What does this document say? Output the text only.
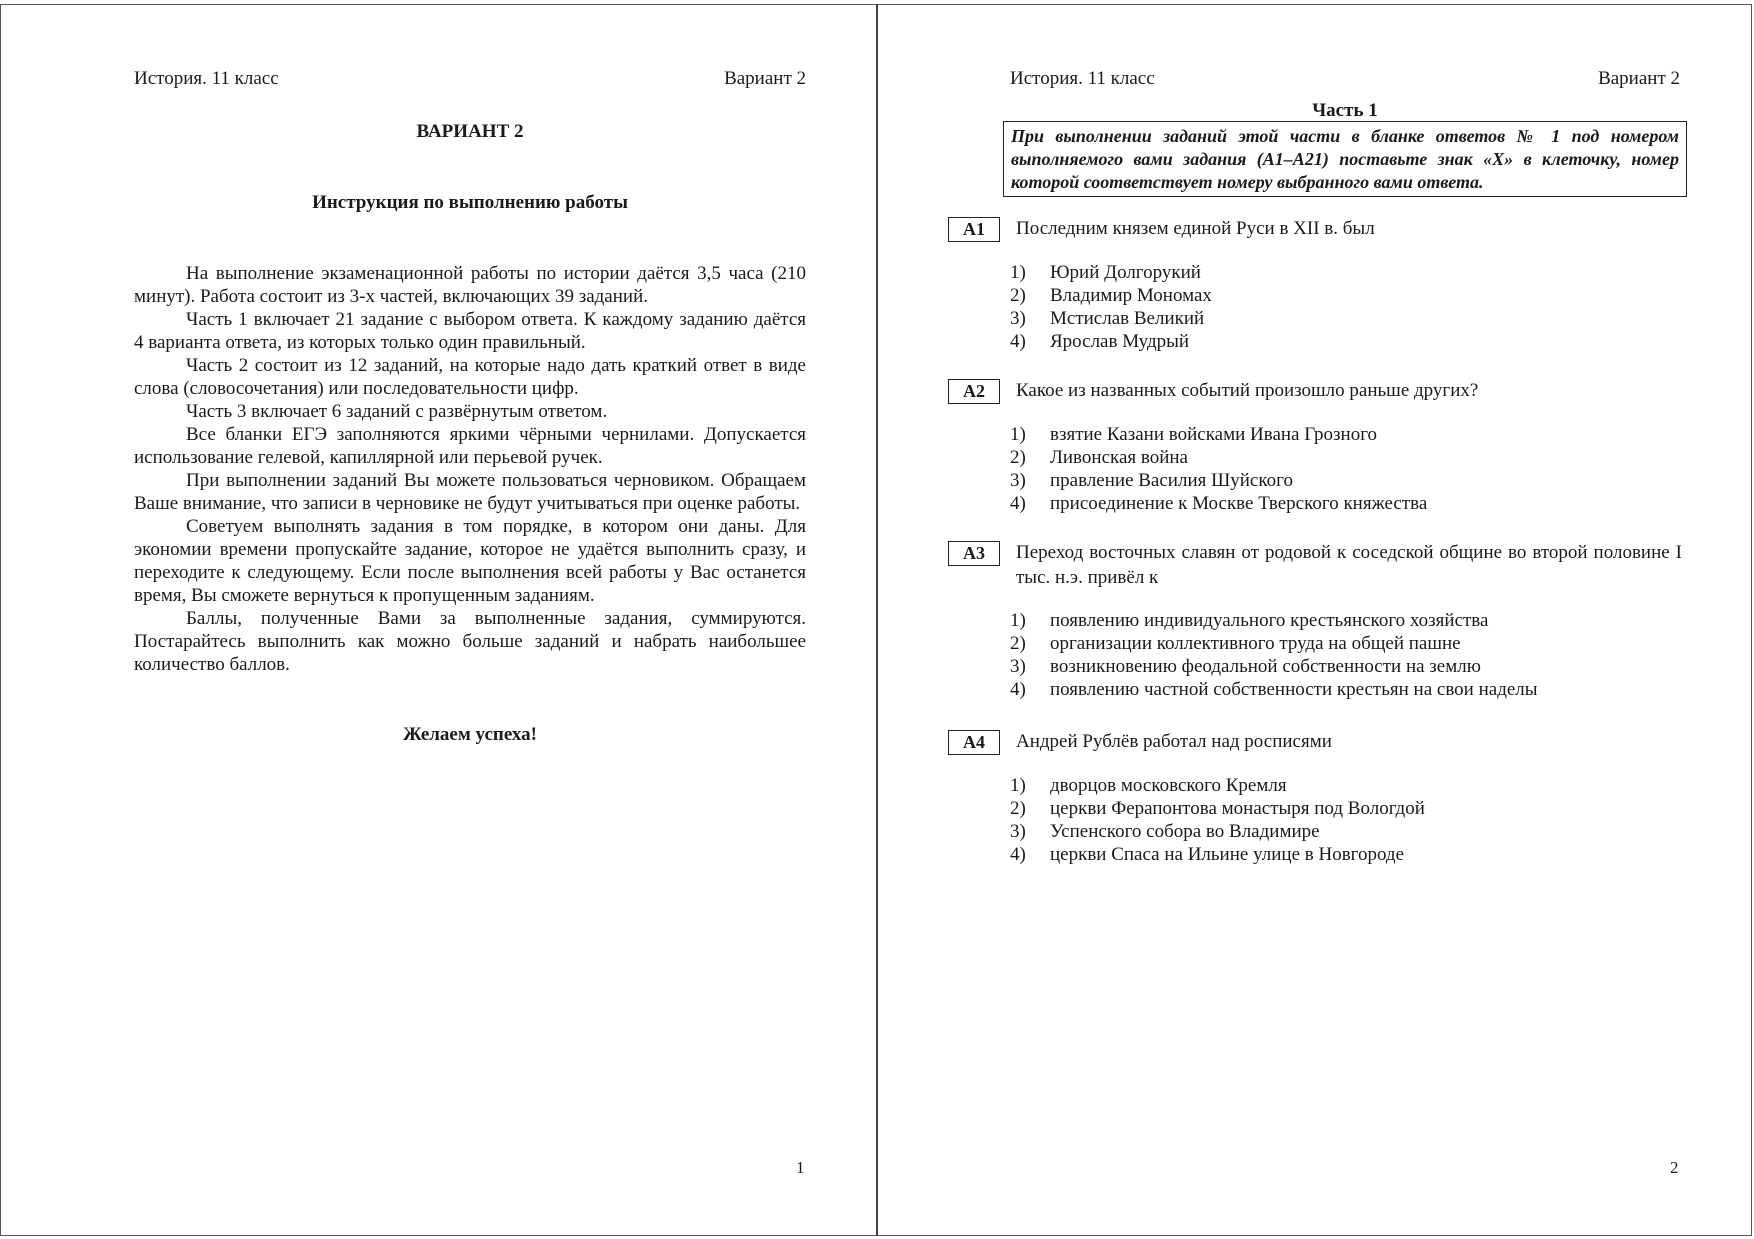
История. 11 класс	Вариант 2
ВАРИАНТ 2
Инструкция по выполнению работы

На выполнение экзаменационной работы по истории даётся 3,5 часа (210 минут). Работа состоит из 3-х частей, включающих 39 заданий.

Часть 1 включает 21 задание с выбором ответа. К каждому заданию даётся 4 варианта ответа, из которых только один правильный.

Часть 2 состоит из 12 заданий, на которые надо дать краткий ответ в виде слова (словосочетания) или последовательности цифр.

Часть 3 включает 6 заданий с развёрнутым ответом.

Все бланки ЕГЭ заполняются яркими чёрными чернилами. Допускается использование гелевой, капиллярной или перьевой ручек.

При выполнении заданий Вы можете пользоваться черновиком. Обращаем Ваше внимание, что записи в черновике не будут учитываться при оценке работы.

Советуем выполнять задания в том порядке, в котором они даны. Для экономии времени пропускайте задание, которое не удаётся выполнить сразу, и переходите к следующему. Если после выполнения всей работы у Вас останется время, Вы сможете вернуться к пропущенным заданиям.

Баллы, полученные Вами за выполненные задания, суммируются. Постарайтесь выполнить как можно больше заданий и набрать наибольшее количество баллов.

Желаем успеха!
1
История. 11 класс	Вариант 2
Часть 1
При выполнении заданий этой части в бланке ответов № 1 под номером выполняемого вами задания (А1–А21) поставьте знак «X» в клеточку, номер которой соответствует номеру выбранного вами ответа.
А1	Последним князем единой Руси в XII в. был
1) Юрий Долгорукий
2) Владимир Мономах
3) Мстислав Великий
4) Ярослав Мудрый
А2	Какое из названных событий произошло раньше других?
1) взятие Казани войсками Ивана Грозного
2) Ливонская война
3) правление Василия Шуйского
4) присоединение к Москве Тверского княжества
А3	Переход восточных славян от родовой к соседской общине во второй половине I тыс. н.э. привёл к
1) появлению индивидуального крестьянского хозяйства
2) организации коллективного труда на общей пашне
3) возникновению феодальной собственности на землю
4) появлению частной собственности крестьян на свои наделы
А4	Андрей Рублёв работал над росписями
1) дворцов московского Кремля
2) церкви Ферапонтова монастыря под Вологдой
3) Успенского собора во Владимире
4) церкви Спаса на Ильине улице в Новгороде
2
